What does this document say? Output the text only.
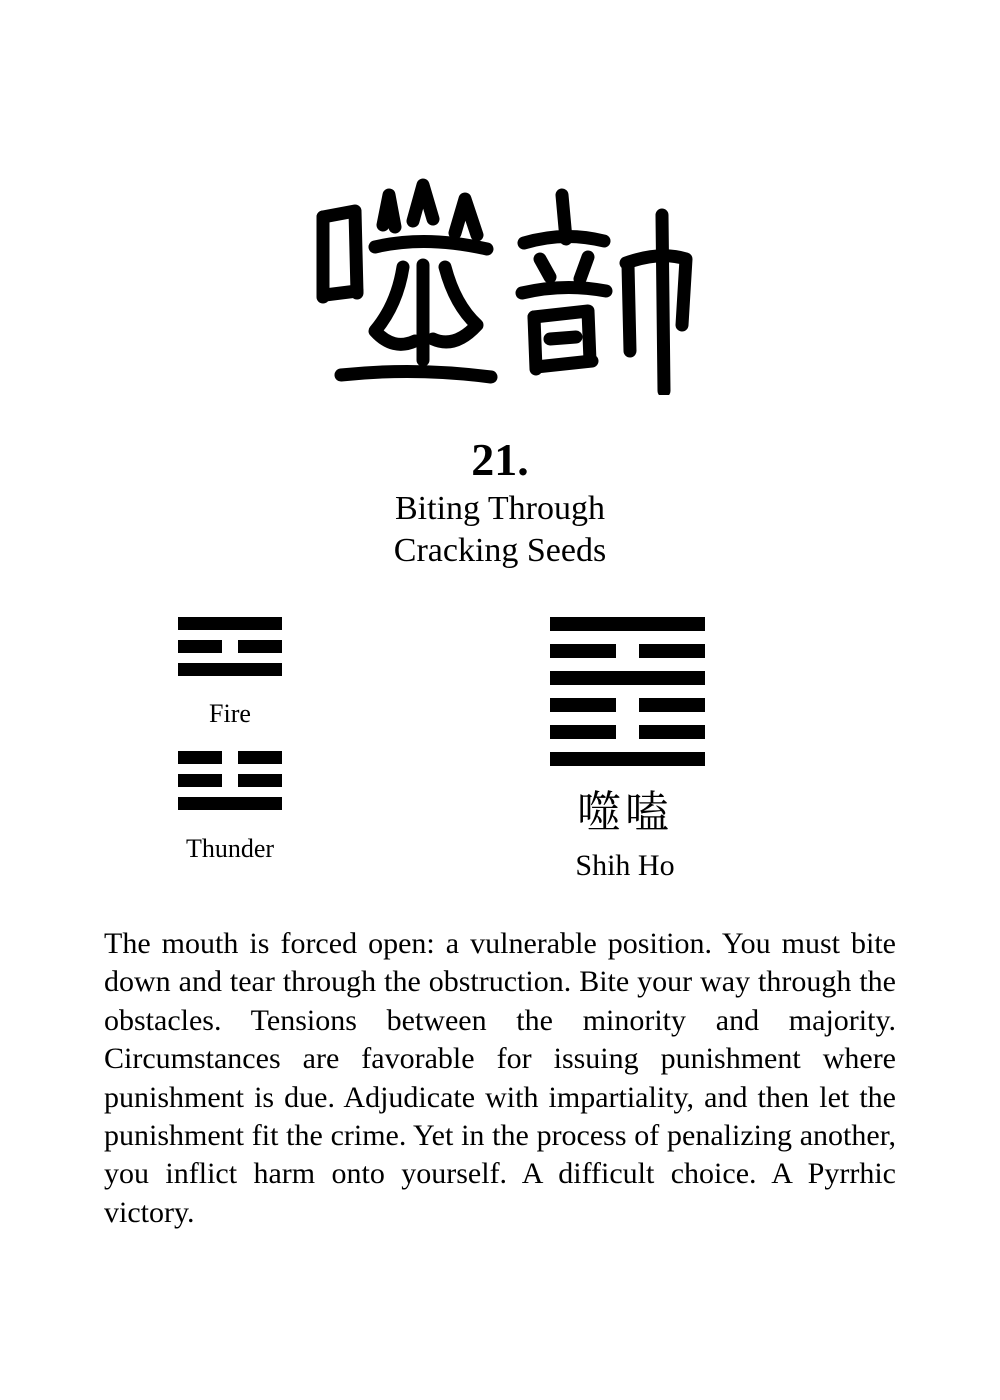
21.
Biting Through
Cracking Seeds
Fire
Thunder
噬嗑
Shih Ho

The mouth is forced open: a vulnerable position. You must bite down and tear through the obstruction. Bite your way through the obstacles. Tensions between the minority and majority. Circumstances are favorable for issuing punishment where punishment is due. Adjudicate with impartiality, and then let the punishment fit the crime. Yet in the process of penalizing another, you inflict harm onto yourself. A difficult choice. A Pyrrhic victory.
